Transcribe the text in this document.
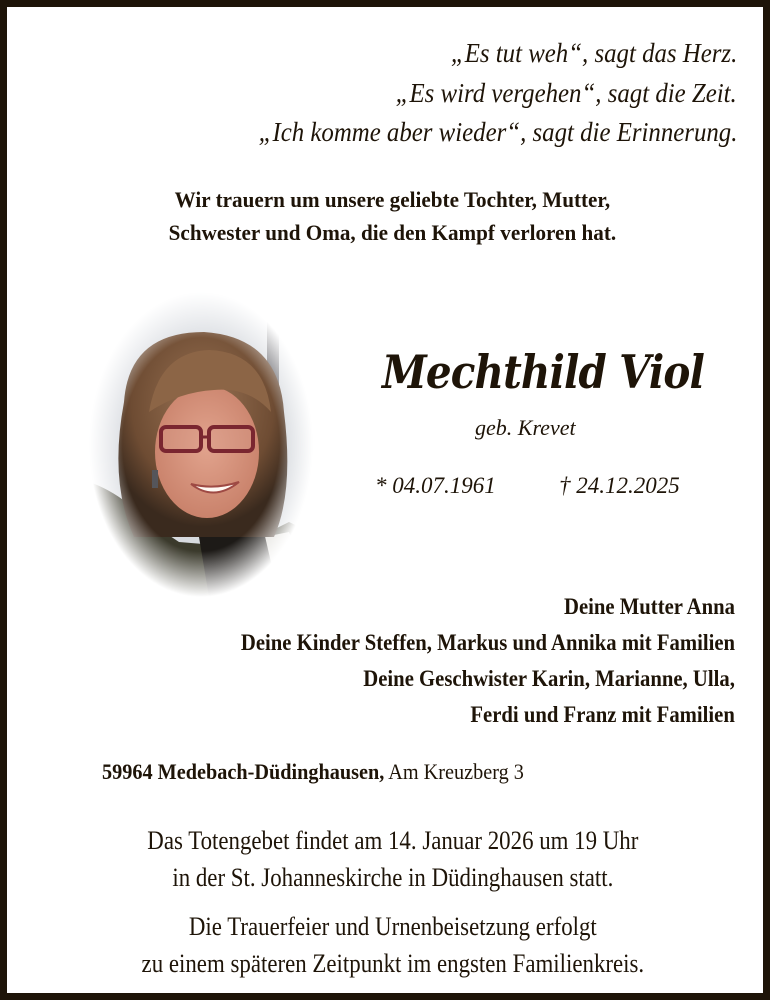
„Es tut weh“, sagt das Herz.
„Es wird vergehen“, sagt die Zeit.
„Ich komme aber wieder“, sagt die Erinnerung.
Wir trauern um unsere geliebte Tochter, Mutter,
Schwester und Oma, die den Kampf verloren hat.
Mechthild Viol
geb. Krevet
* 04.07.1961	† 24.12.2025
Deine Mutter Anna
Deine Kinder Steffen, Markus und Annika mit Familien
Deine Geschwister Karin, Marianne, Ulla,
Ferdi und Franz mit Familien
59964 Medebach-Düdinghausen, Am Kreuzberg 3
Das Totengebet findet am 14. Januar 2026 um 19 Uhr
in der St. Johanneskirche in Düdinghausen statt.
Die Trauerfeier und Urnenbeisetzung erfolgt
zu einem späteren Zeitpunkt im engsten Familienkreis.
